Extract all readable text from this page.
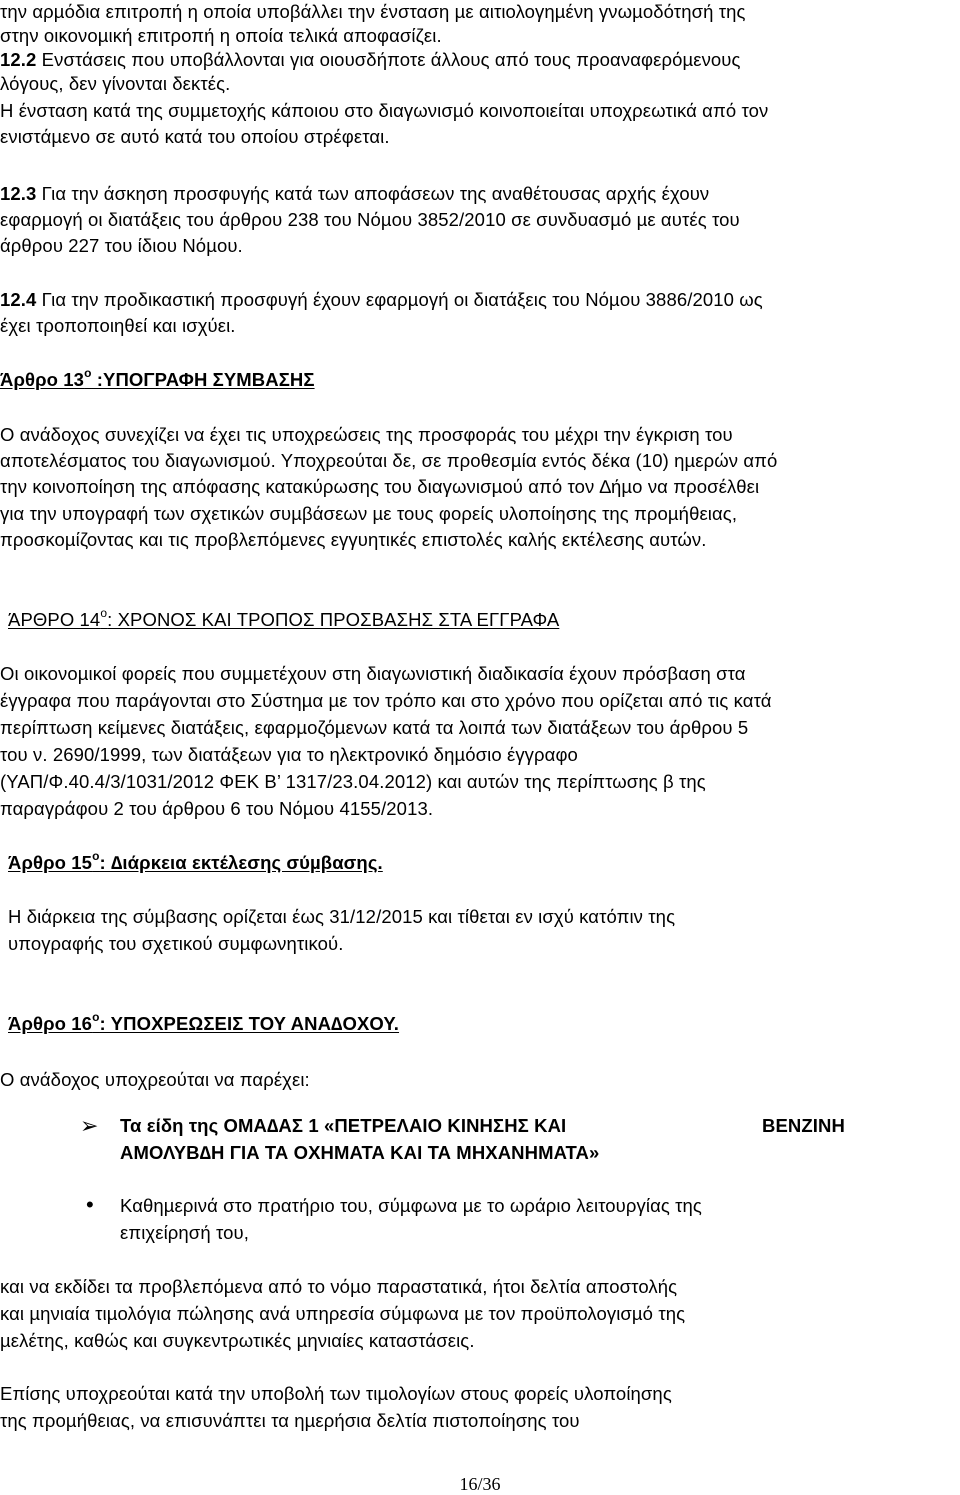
την αρµόδια επιτροπή η οποία υποβάλλει την ένσταση µε αιτιολογηµένη γνωµοδότησή της
στην οικονοµική επιτροπή η οποία τελικά αποφασίζει.
12.2 Ενστάσεις που υποβάλλονται για οιουσδήποτε άλλους από τους προαναφερόµενους
λόγους, δεν γίνονται δεκτές.
Η ένσταση κατά της συµµετοχής κάποιου στο διαγωνισµό κοινοποιείται υποχρεωτικά από τον
ενιστάµενο σε αυτό κατά του οποίου στρέφεται.
12.3 Για την άσκηση προσφυγής κατά των αποφάσεων της αναθέτουσας αρχής έχουν
εφαρµογή οι διατάξεις του άρθρου 238 του Νόµου 3852/2010 σε συνδυασµό µε αυτές του
άρθρου 227 του ίδιου Νόµου.
12.4 Για την προδικαστική προσφυγή έχουν εφαρµογή οι διατάξεις του Νόµου 3886/2010 ως
έχει τροποποιηθεί και ισχύει.
Άρθρο $13^o$ :ΥΠΟΓΡΑΦΗ ΣΥΜΒΑΣΗΣ
Ο ανάδοχος συνεχίζει να έχει τις υποχρεώσεις της προσφοράς του µέχρι την έγκριση του
αποτελέσµατος του διαγωνισµού. Υποχρεούται δε, σε προθεσµία εντός δέκα (10) ηµερών από
την κοινοποίηση της απόφασης κατακύρωσης του διαγωνισµού από τον ∆ήµο να προσέλθει
για την υπογραφή των σχετικών συµβάσεων µε τους φορείς υλοποίησης της προµήθειας,
προσκοµίζοντας και τις προβλεπόµενες εγγυητικές επιστολές καλής εκτέλεσης αυτών.
ΆΡΘΡΟ $14^o$: ΧΡΟΝΟΣ ΚΑΙ ΤΡΟΠΟΣ ΠΡΟΣΒΑΣΗΣ ΣΤΑ ΕΓΓΡΑΦΑ
Οι οικονοµικοί φορείς που συµµετέχουν στη διαγωνιστική διαδικασία έχουν πρόσβαση στα
έγγραφα που παράγονται στο Σύστηµα µε τον τρόπο και στο χρόνο που ορίζεται από τις κατά
περίπτωση κείµενες διατάξεις, εφαρµοζόµενων κατά τα λοιπά των διατάξεων του άρθρου 5
του ν. 2690/1999, των διατάξεων για το ηλεκτρονικό δηµόσιο έγγραφο
(ΥΑΠ/Φ.40.4/3/1031/2012 ΦΕΚ Β’ 1317/23.04.2012) και αυτών της περίπτωσης β της
παραγράφου 2 του άρθρου 6 του Νόµου 4155/2013.
Άρθρο $15^o$: ∆ιάρκεια εκτέλεσης σύµβασης.
Η διάρκεια της σύµβασης ορίζεται έως 31/12/2015 και τίθεται εν ισχύ κατόπιν της
υπογραφής του σχετικού συµφωνητικού.
Άρθρο $16^o$: ΥΠΟΧΡΕΩΣΕΙΣ ΤΟΥ ΑΝΑ∆ΟΧΟΥ.
Ο ανάδοχος υποχρεούται να παρέχει:
➢ Τα είδη της ΟΜΑ∆ΑΣ 1 «ΠΕΤΡΕΛΑΙΟ ΚΙΝΗΣΗΣ ΚΑΙ	ΒΕΝΖΙΝΗ
ΑΜΟΛΥΒ∆Η ΓΙΑ ΤΑ ΟΧΗΜΑΤΑ ΚΑΙ ΤΑ ΜΗΧΑΝΗΜΑΤΑ»
• Καθηµερινά στο πρατήριο του, σύµφωνα µε το ωράριο λειτουργίας της
επιχείρησή του,
και να εκδίδει τα προβλεπόµενα από το νόµο παραστατικά, ήτοι δελτία αποστολής
και µηνιαία τιµολόγια πώλησης ανά υπηρεσία σύµφωνα µε τον προϋπολογισµό της
µελέτης, καθώς και συγκεντρωτικές µηνιαίες καταστάσεις.
Επίσης υποχρεούται κατά την υποβολή των τιµολογίων στους φορείς υλοποίησης
της προµήθειας, να επισυνάπτει τα ηµερήσια δελτία πιστοποίησης του
16/36
